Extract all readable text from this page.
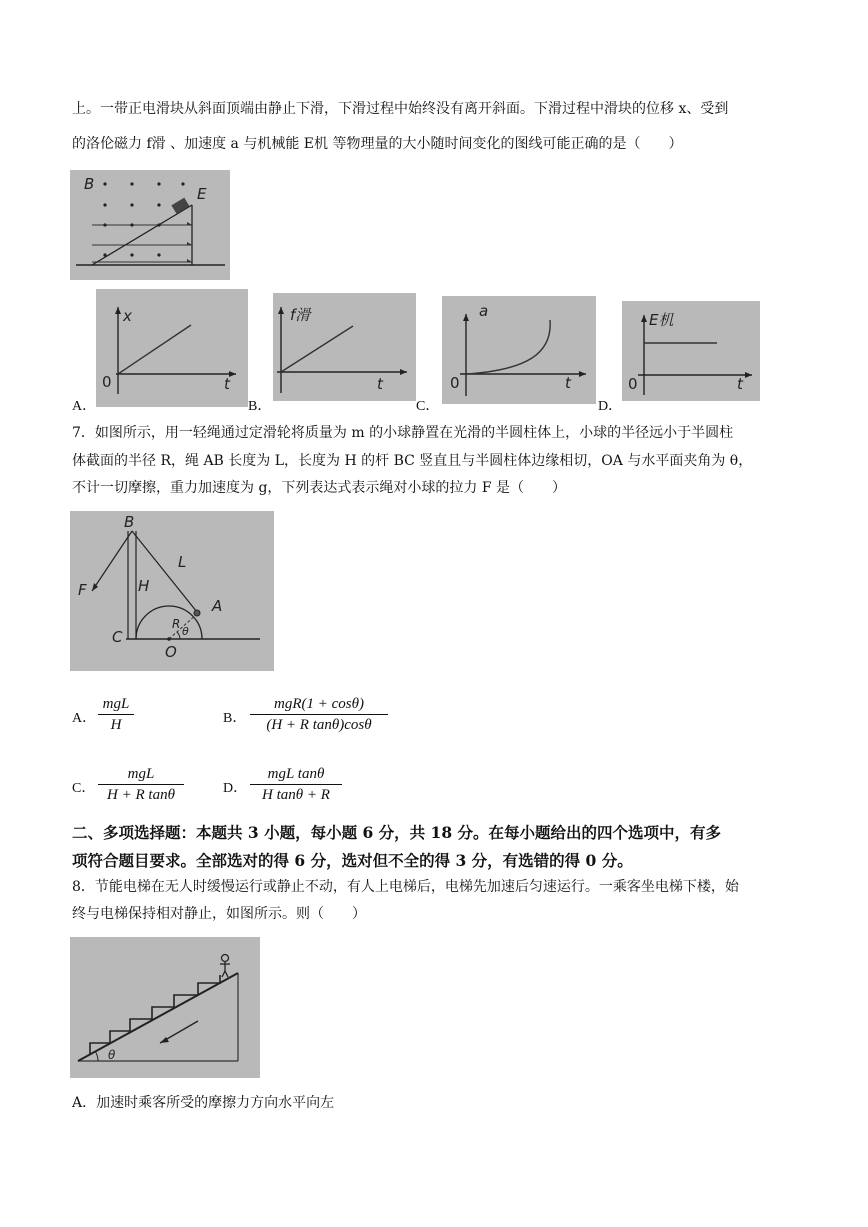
上。一带正电滑块从斜面顶端由静止下滑，下滑过程中始终没有离开斜面。下滑过程中滑块的位移 x、受到
的洛伦磁力 f滑 、加速度 a 与机械能 E机 等物理量的大小随时间变化的图线可能正确的是（　　）
B
E
x
t
0
A．
f滑
t
B．
a
t
0
C．
E机
t
0
D．
7．如图所示，用一轻绳通过定滑轮将质量为 m 的小球静置在光滑的半圆柱体上，小球的半径远小于半圆柱
体截面的半径 R，绳 AB 长度为 L，长度为 H 的杆 BC 竖直且与半圆柱体边缘相切，OA 与水平面夹角为 θ，
不计一切摩擦，重力加速度为 g，下列表达式表示绳对小球的拉力 F 是（　　）
B
F	H
L
A
C
R
θ
O
A．
mgL
H	B．
mgR(1 + cosθ)
(H + R tanθ)cosθ
C．
mgL
H + R tanθ	D．
mgL tanθ
H tanθ + R
二、多项选择题：本题共 3 小题，每小题 6 分，共 18 分。在每小题给出的四个选项中，有多
项符合题目要求。全部选对的得 6 分，选对但不全的得 3 分，有选错的得 0 分。
8．节能电梯在无人时缓慢运行或静止不动，有人上电梯后，电梯先加速后匀速运行。一乘客坐电梯下楼，始
终与电梯保持相对静止，如图所示。则（　　）
θ
A．加速时乘客所受的摩擦力方向水平向左
